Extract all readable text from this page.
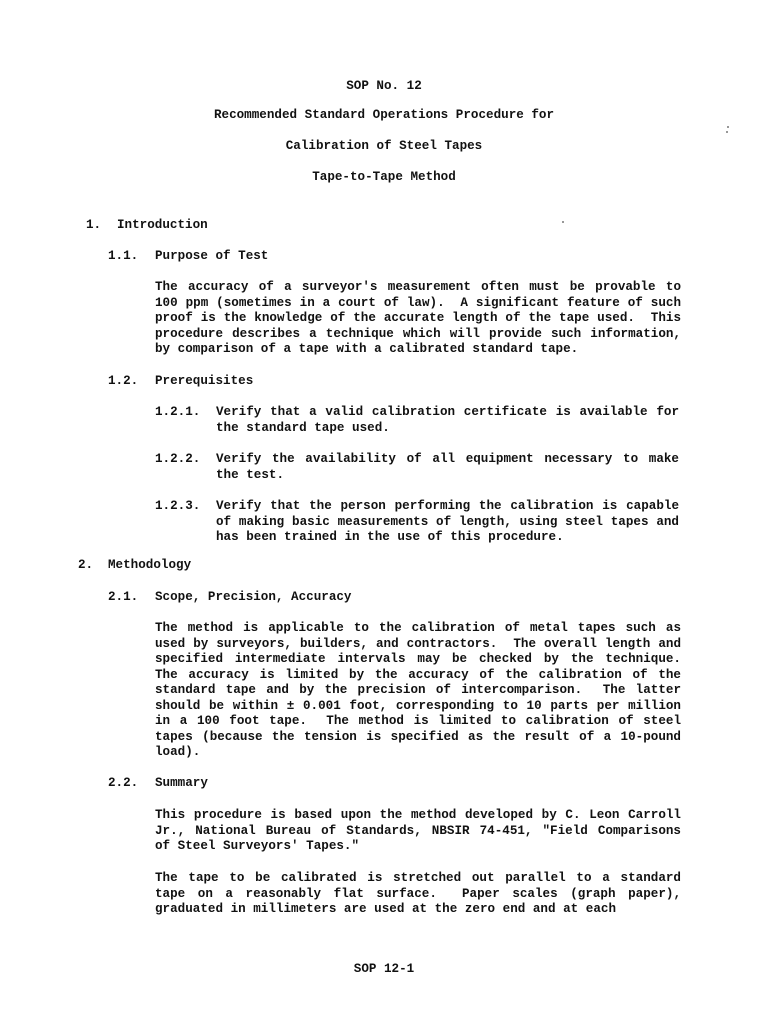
SOP No. 12
Recommended Standard Operations Procedure for
Calibration of Steel Tapes
Tape-to-Tape Method
1. Introduction
1.1. Purpose of Test
The accuracy of a surveyor's measurement often must be provable to
100 ppm (sometimes in a court of law).  A significant feature of such
proof is the knowledge of the accurate length of the tape used.  This
procedure describes a technique which will provide such information,
by comparison of a tape with a calibrated standard tape.
1.2. Prerequisites
1.2.1. Verify that a valid calibration certificate is available for
the standard tape used.
1.2.2. Verify the availability of all equipment necessary to make
the test.
1.2.3. Verify that the person performing the calibration is capable
of making basic measurements of length, using steel tapes and
has been trained in the use of this procedure.
2. Methodology
2.1. Scope, Precision, Accuracy
The method is applicable to the calibration of metal tapes such as
used by surveyors, builders, and contractors.  The overall length and
specified intermediate intervals may be checked by the technique.
The accuracy is limited by the accuracy of the calibration of the
standard tape and by the precision of intercomparison.  The latter
should be within ± 0.001 foot, corresponding to 10 parts per million
in a 100 foot tape.  The method is limited to calibration of steel
tapes (because the tension is specified as the result of a 10-pound
load).
2.2. Summary
This procedure is based upon the method developed by C. Leon Carroll
Jr., National Bureau of Standards, NBSIR 74-451, "Field Comparisons
of Steel Surveyors' Tapes."
The tape to be calibrated is stretched out parallel to a standard
tape on a reasonably flat surface.  Paper scales (graph paper),
graduated in millimeters are used at the zero end and at each
SOP 12-1
